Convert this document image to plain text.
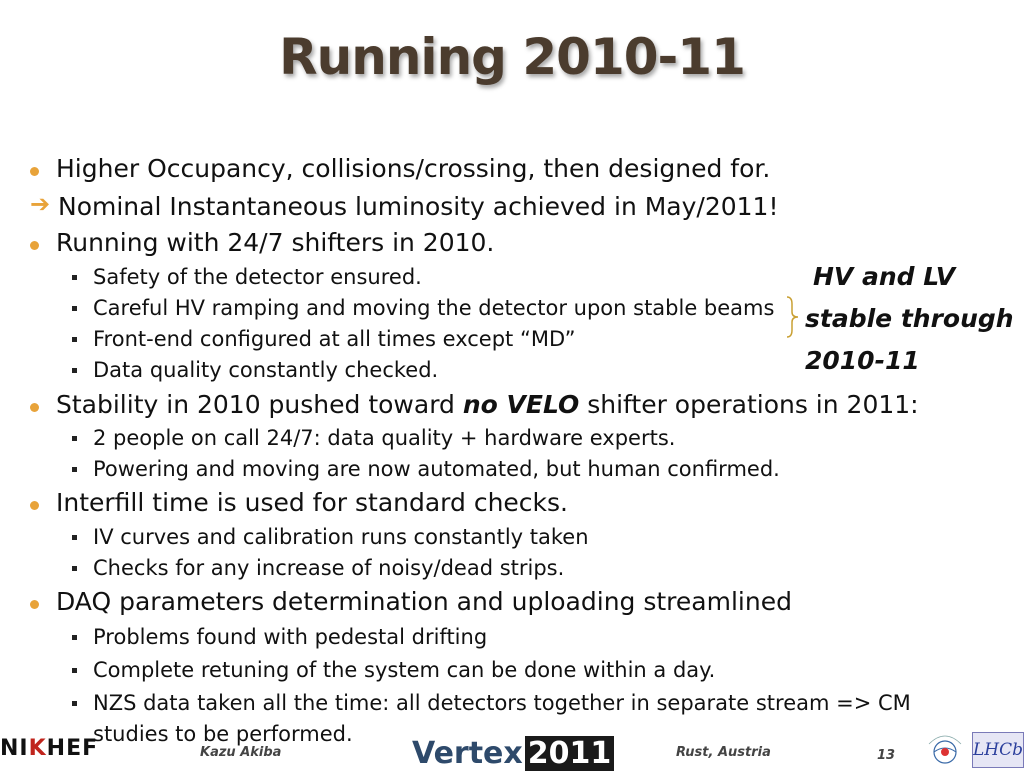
Running 2010-11
Higher Occupancy, collisions/crossing, then designed for.
➔ Nominal Instantaneous luminosity achieved in May/2011!
Running with 24/7 shifters in 2010.
Safety of the detector ensured.
Careful HV ramping and moving the detector upon stable beams
Front-end configured at all times except “MD”
Data quality constantly checked.
HV and LV
stable through
2010-11
Stability in 2010 pushed toward no VELO shifter operations in 2011:
2 people on call 24/7: data quality + hardware experts.
Powering and moving are now automated, but human confirmed.
Interfill time is used for standard checks.
IV curves and calibration runs constantly taken
Checks for any increase of noisy/dead strips.
DAQ parameters determination and uploading streamlined
Problems found with pedestal drifting
Complete retuning of the system can be done within a day.
NZS data taken all the time: all detectors together in separate stream => CM
studies to be performed.
NIKHEF	Kazu Akiba	Vertex 2011	Rust, Austria	13	LHCb
